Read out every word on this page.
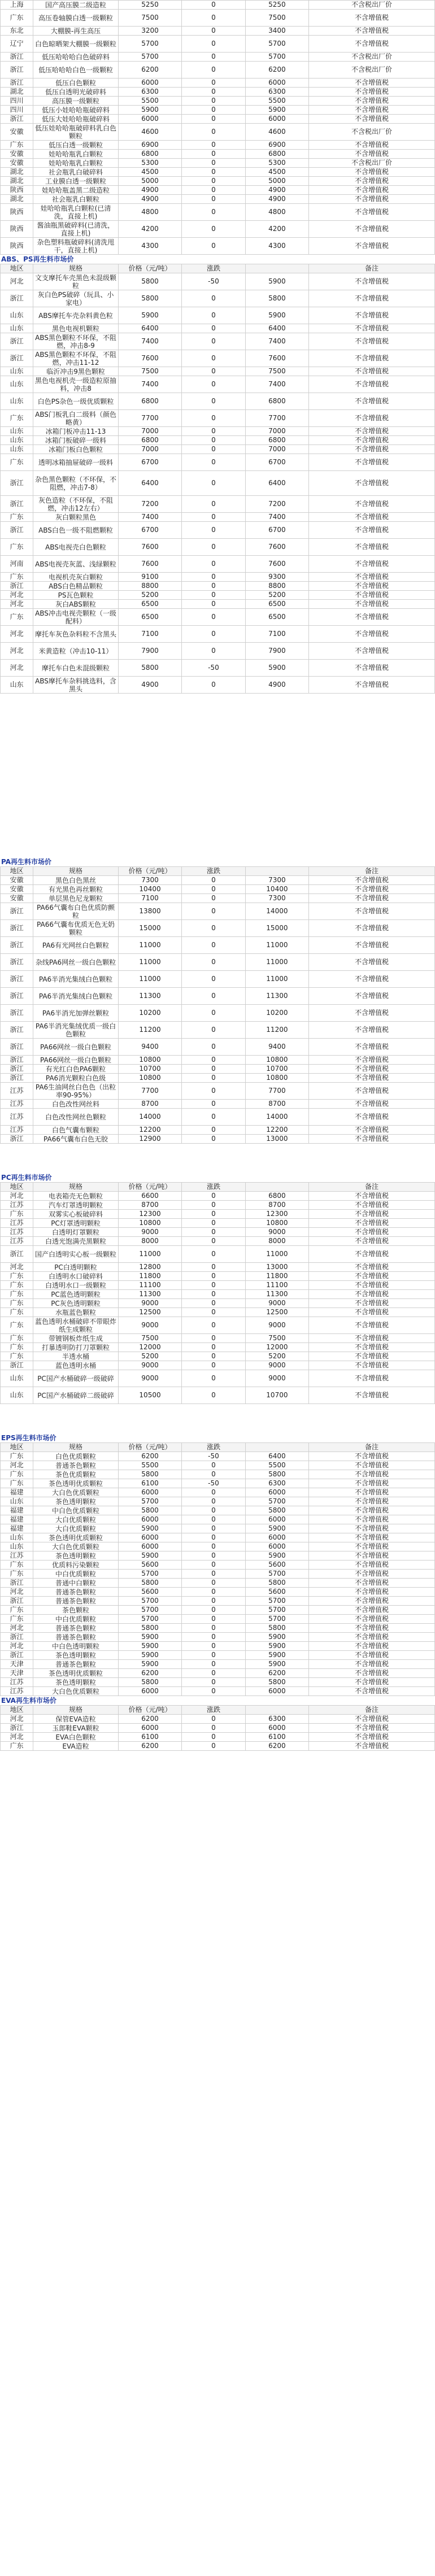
上海	国产高压膜二级造粒	5250	0	5250	不含税出厂价
广东	高压卷轴膜白透一级颗粒	7500	0	7500	不含增值税
东北	大棚膜-再生高压	3200	0	3400	不含增值税
辽宁	白色晾晒架大棚膜一级颗粒	5700	0	5700	不含增值税
浙江	低压哈哈哈白色破碎料	5700	0	5700	不含税出厂价
浙江	低压哈哈哈白色一级颗粒	6200	0	6200	不含税出厂价
浙江	低压白色颗粒	6000	0	6000	不含增值税
湖北	低压白透明光破碎料	6300	0	6300	不含增值税
四川	高压膜一级颗粒	5500	0	5500	不含增值税
四川	低压小娃哈哈瓶破碎料	5900	0	5900	不含增值税
浙江	低压大娃哈哈瓶破碎料	6000	0	6000	不含增值税
安徽	低压娃哈哈瓶破碎料乳白色颗粒	4600	0	4600	不含税出厂价
广东	低压白透一级颗粒	6900	0	6900	不含增值税
安徽	娃哈哈瓶乳白颗粒	6800	0	6800	不含增值税
安徽	娃哈哈瓶乳白颗粒	5300	0	5300	不含税出厂价
湖北	社会瓶乳白破碎料	4500	0	4500	不含增值税
湖北	工业膜白透一级颗粒	5000	0	5000	不含增值税
陕西	娃哈哈瓶盖黑二级造粒	4900	0	4900	不含增值税
湖北	社会瓶乳白颗粒	4900	0	4900	不含增值税
陕西	娃哈哈瓶乳白颗粒(已清洗，直接上机)	4800	0	4800	不含增值税
陕西	酱油瓶黑破碎料(已清洗，直接上机)	4200	0	4200	不含增值税
陕西	杂色塑料瓶破碎料(清洗甩干，直接上机)	4300	0	4300	不含增值税
ABS、PS再生料市场价
地区	规格	价格（元/吨）	涨跌		备注
河北	文支摩托车壳黑色未混级颗粒	5800	-50	5900	不含增值税
浙江	灰白色PS破碎（玩具、小家电）	5800	0	5800	不含增值税
山东	ABS摩托车壳杂料黄色粒	5900	0	5900	不含增值税
山东	黑色电视机颗粒	6400	0	6400	不含增值税
浙江	ABS黑色颗粒不环保，不阻燃，冲击8-9	7400	0	7400	不含增值税
浙江	ABS黑色颗粒不环保，不阻燃，冲击11-12	7600	0	7600	不含增值税
山东	临沂冲击9黑色颗粒	7500	0	7500	不含增值税
山东	黑色电视机壳一级造粒原抽料，冲击8	7400	0	7400	不含增值税
山东	白色PS杂色一级优质颗粒	6800	0	6800	不含增值税
广东	ABS门板乳白二级料（颜色略黄）	7700	0	7700	不含增值税
山东	冰箱门板冲击11-13	7000	0	7000	不含增值税
山东	冰箱门板破碎一级料	6800	0	6800	不含增值税
山东	冰箱门板白色颗粒	7000	0	7000	不含增值税
广东	透明冰箱抽屉破碎一级料	6700	0	6700	不含增值税
浙江	杂色黑色颗粒（不环保，不阻燃，冲击7-8）	6400	0	6400	不含增值税
浙江	灰色造粒（不环保，不阻燃，冲击12左右）	7200	0	7200	不含增值税
广东	灰白颗粒黑色	7400	0	7400	不含增值税
浙江	ABS白色一级不阻燃颗粒	6700	0	6700	不含增值税
广东	ABS电视壳白色颗粒	7600	0	7600	不含增值税
河南	ABS电视壳灰蓝、浅绿颗粒	7600	0	7600	不含增值税
广东	电视机壳灰白颗粒	9100	0	9300	不含增值税
浙江	ABS白色精品颗粒	8800	0	8800	不含增值税
河北	PS瓦色颗粒	5200	0	5200	不含增值税
河北	灰白ABS颗粒	6500	0	6500	不含增值税
广东	ABS冲击电视壳颗粒（一级配料）	6500	0	6500	不含增值税
河北	摩托车灰色杂料粒不含黑头	7100	0	7100	不含增值税
河北	米黄造粒（冲击10-11）	7900	0	7900	不含增值税
河北	摩托车白色未混级颗粒	5800	-50	5900	不含增值税
山东	ABS摩托车杂料挑选料，含黑头	4900	0	4900	不含增值税
PA再生料市场价
地区	规格	价格（元/吨）	涨跌		备注
安徽	黑色白色黑丝	7300	0	7300	不含增值税
安徽	有光黑色再丝颗粒	10400	0	10400	不含增值税
安徽	单层黑色尼龙颗粒	7100	0	7300	不含增值税
浙江	PA66气囊布白色优质防颤粒	13800	0	14000	不含增值税
浙江	PA66气囊布优质无色无奶颗粒	15000	0	15000	不含增值税
浙江	PA6有光网丝白色颗粒	11000	0	11000	不含增值税
浙江	杂线PA6网丝一级白色颗粒	11000	0	11000	不含增值税
浙江	PA6半消光集绒白色颗粒	11000	0	11000	不含增值税
浙江	PA6半消光集绒白色颗粒	11300	0	11300	不含增值税
浙江	PA6半消光加弹丝颗粒	10200	0	10200	不含增值税
浙江	PA6半消光集绒优质一级白色颗粒	11200	0	11200	不含增值税
浙江	PA66网丝一级白色颗粒	9400	0	9400	不含增值税
浙江	PA66网丝一级白色颗粒	10800	0	10800	不含增值税
浙江	有光红白色PA6颗粒	10700	0	10700	不含增值税
浙江	PA6消光颗粒白色级	10800	0	10800	不含增值税
江苏	PA6生油网丝白色色（出粒率90-95%）	7700	0	7700	不含增值税
江苏	白色改性网丝料	8700	0	8700	不含增值税
江苏	白色改性网丝色颗粒	14000	0	14000	不含增值税
江苏	白色气囊布颗粒	12200	0	12200	不含增值税
浙江	PA66气囊布白色无胶	12900	0	13000	不含增值税
PC再生料市场价
地区	规格	价格（元/吨）	涨跌		备注
河北	电表箱壳无色颗粒	6600	0	6800	不含增值税
江苏	汽车灯罩透明颗粒	8700	0	8700	不含增值税
广东	双雾实心板破碎料	12300	0	12300	不含增值税
江苏	PC灯罩透明颗粒	10800	0	10800	不含增值税
江苏	白透明灯罩颗粒	9000	0	9000	不含增值税
江苏	白透光饱满壳黑颗粒	8000	0	8000	不含增值税
浙江	国产白透明实心板一级颗粒	11000	0	11000	不含增值税
河北	PC白透明颗粒	12800	0	13000	不含增值税
广东	白透明水口破碎料	11800	0	11800	不含增值税
广东	白透明水口一级颗粒	11100	0	11100	不含增值税
广东	PC蓝色透明颗粒	11300	0	11300	不含增值税
广东	PC灰色透明颗粒	9000	0	9000	不含增值税
广东	水瓶蓝色颗粒	12500	0	12500	不含增值税
广东	蓝色透明水桶破碎不带眼炸纸生成颗粒	9000	0	9000	不含增值税
广东	带镀钢板炸纸生成	7500	0	7500	不含增值税
广东	打暴透明防打刀罩颗粒	12000	0	12000	不含增值税
广东	半透水桶	5200	0	5200	不含增值税
浙江	蓝色透明水桶	9000	0	9000	不含增值税
山东	PC国产水桶破碎一级破碎	9000	0	9000	不含增值税
山东	PC国产水桶破碎二级破碎	10500	0	10700	不含增值税
EPS再生料市场价
地区	规格	价格（元/吨）	涨跌		备注
广东	白色优质颗粒	6200	-50	6400	不含增值税
河北	普通茶色颗粒	5500	0	5500	不含增值税
广东	茶色优质颗粒	5800	0	5800	不含增值税
广东	茶色透明优质颗粒	6100	-50	6300	不含增值税
福建	大白色优质颗粒	6000	0	6000	不含增值税
山东	茶色透明颗粒	5700	0	5700	不含增值税
福建	中白色优质颗粒	5800	0	5800	不含增值税
福建	大白优质颗粒	6000	0	6000	不含增值税
福建	大白优质颗粒	5900	0	5900	不含增值税
山东	茶色透明优质颗粒	6000	0	6000	不含增值税
山东	大白色优质颗粒	6000	0	6000	不含增值税
江苏	茶色透明颗粒	5900	0	5900	不含增值税
广东	优质料污染颗粒	5600	0	5600	不含增值税
广东	中白优质颗粒	5700	0	5700	不含增值税
浙江	普通中白颗粒	5800	0	5800	不含增值税
河北	普通茶色颗粒	5600	0	5600	不含增值税
浙江	普通茶色颗粒	5700	0	5700	不含增值税
广东	茶色颗粒	5700	0	5700	不含增值税
广东	中白优质颗粒	5700	0	5700	不含增值税
河北	普通茶色颗粒	5800	0	5800	不含增值税
浙江	普通茶色颗粒	5900	0	5900	不含增值税
河北	中白色透明颗粒	5900	0	5900	不含增值税
浙江	茶色透明颗粒	5900	0	5900	不含增值税
天津	普通茶色颗粒	5900	0	5900	不含增值税
天津	茶色透明优质颗粒	6200	0	6200	不含增值税
江苏	茶色透明颗粒	5800	0	5800	不含增值税
江苏	大白色优质颗粒	6000	0	6000	不含增值税
EVA再生料市场价
地区	规格	价格（元/吨）	涨跌		备注
河北	保管EVA造粒	6200	0	6300	不含增值税
浙江	玉郎鞋EVA颗粒	6000	0	6000	不含增值税
河北	EVA白色颗粒	6100	0	6100	不含增值税
广东	EVA造粒	6200	0	6200	不含增值税
